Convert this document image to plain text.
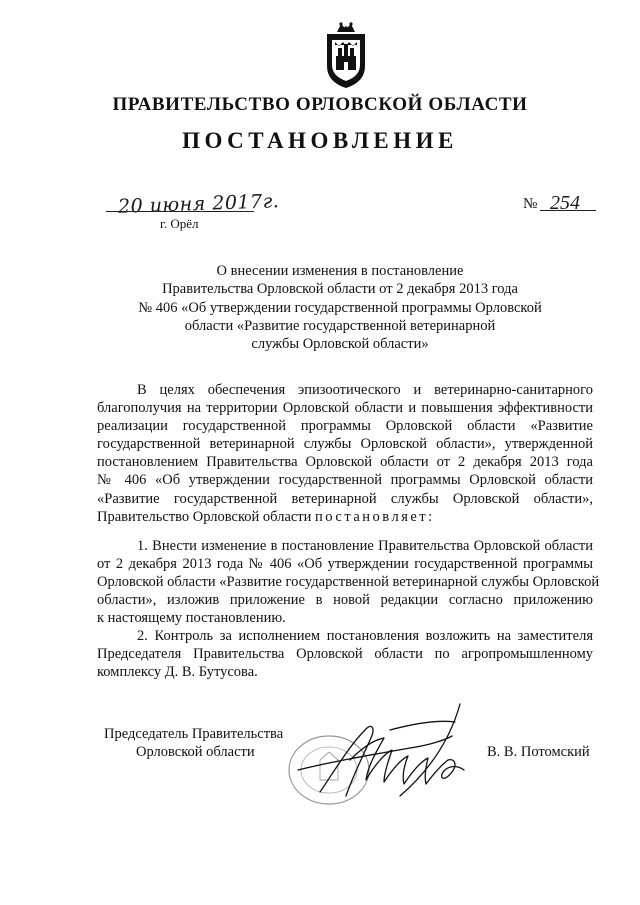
ПРАВИТЕЛЬСТВО ОРЛОВСКОЙ ОБЛАСТИ
ПОСТАНОВЛЕНИЕ
20 июня 2017г.
г. Орёл
№ 254
О внесении изменения в постановление
Правительства Орловской области от 2 декабря 2013 года
№ 406 «Об утверждении государственной программы Орловской
области «Развитие государственной ветеринарной
службы Орловской области»
В целях обеспечения эпизоотического и ветеринарно-санитарного
благополучия на территории Орловской области и повышения эффективности
реализации государственной программы Орловской области «Развитие
государственной ветеринарной службы Орловской области», утвержденной
постановлением Правительства Орловской области от 2 декабря 2013 года
№ 406 «Об утверждении государственной программы Орловской области
«Развитие государственной ветеринарной службы Орловской области»,
Правительство Орловской области постановляет:
1. Внести изменение в постановление Правительства Орловской области
от 2 декабря 2013 года № 406 «Об утверждении государственной программы
Орловской области «Развитие государственной ветеринарной службы Орловской
области», изложив приложение в новой редакции согласно приложению
к настоящему постановлению.
2. Контроль за исполнением постановления возложить на заместителя
Председателя Правительства Орловской области по агропромышленному
комплексу Д. В. Бутусова.
Председатель Правительства
Орловской области	В. В. Потомский
